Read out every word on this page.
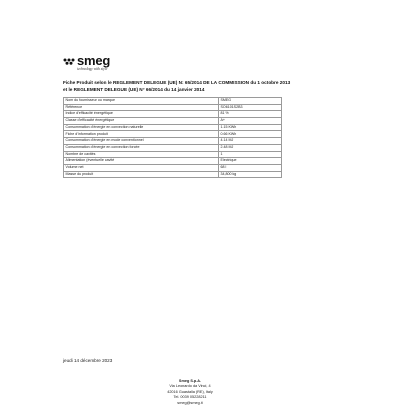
smeg
technology with style
Fiche Produit selon le REGLEMENT DELEGUE (UE) N: 65/2014 DE LA COMMISSION du 1 octobre 2013
et le REGLEMENT DELEGUE (UE) N° 66/2014 du 14 janvier 2014
Nom du fournisseur ou marque	SMEG
Référence	SO6101S2B3
Indice d'efficacité énergétique	81 %
Classe d'efficacité énergétique	A+
Consommation d'énergie en convection naturelle	1.15 KWh
Fiche d'information produit	0.66 KWh
Consommation d'énergie en mode conventionnel	4.14 MJ
Consommation d'énergie en convection forcée	2.48 MJ
Nombre de cavités	1
Alimentation (éventuelle cavité	Electrique
Volume net	68 l
Masse du produit	34,800 kg
jeudi 14 décembre 2023
Smeg S.p.A.
Via Leonardo da Vinci, 4
42016 Guastalla (RE), Italy
Tel. 0039 05228211
smeg@smeg.it
